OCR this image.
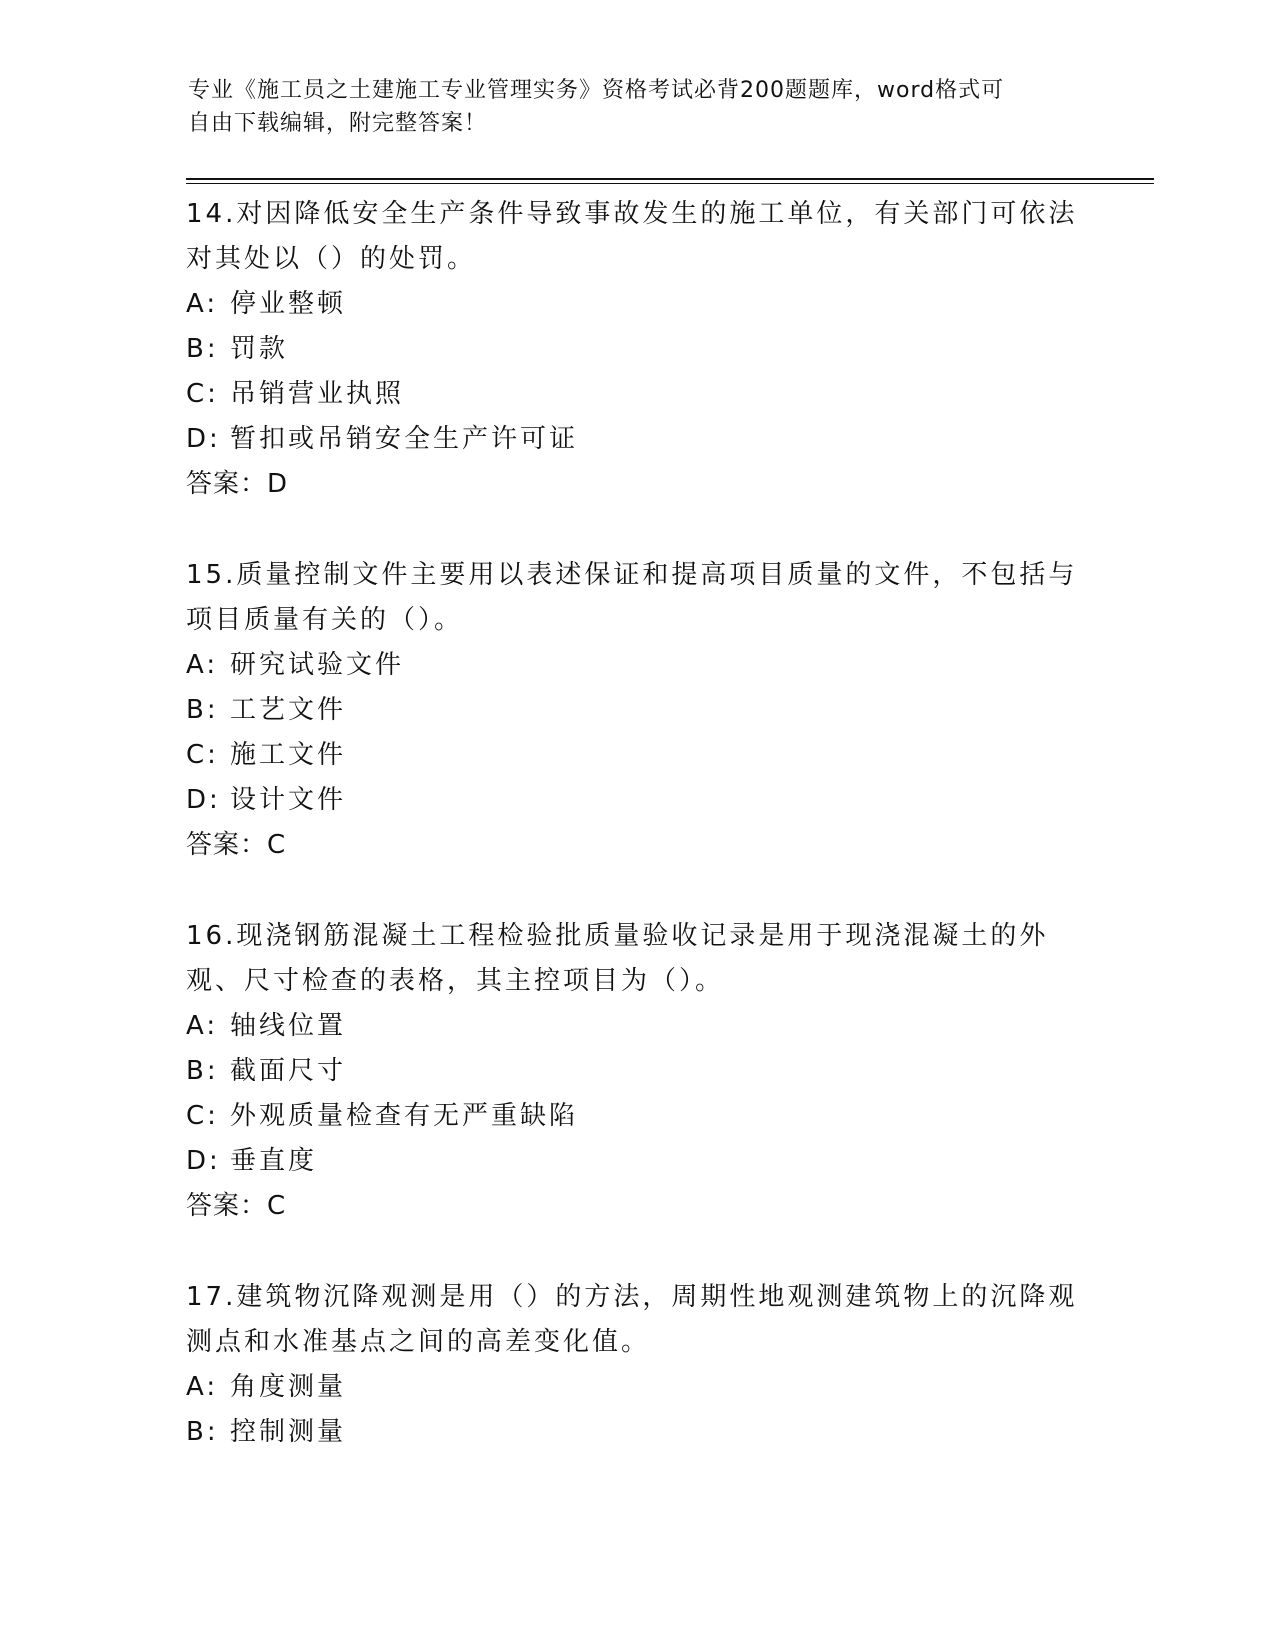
专业《施工员之土建施工专业管理实务》资格考试必背200题题库，word格式可
自由下载编辑，附完整答案！
14.对因降低安全生产条件导致事故发生的施工单位，有关部门可依法对其处以（）的处罚。
A: 停业整顿
B: 罚款
C: 吊销营业执照
D: 暂扣或吊销安全生产许可证
答案：D
15.质量控制文件主要用以表述保证和提高项目质量的文件，不包括与项目质量有关的（）。
A: 研究试验文件
B: 工艺文件
C: 施工文件
D: 设计文件
答案：C
16.现浇钢筋混凝土工程检验批质量验收记录是用于现浇混凝土的外观、尺寸检查的表格，其主控项目为（）。
A: 轴线位置
B: 截面尺寸
C: 外观质量检查有无严重缺陷
D: 垂直度
答案：C
17.建筑物沉降观测是用（）的方法，周期性地观测建筑物上的沉降观测点和水准基点之间的高差变化值。
A: 角度测量
B: 控制测量
